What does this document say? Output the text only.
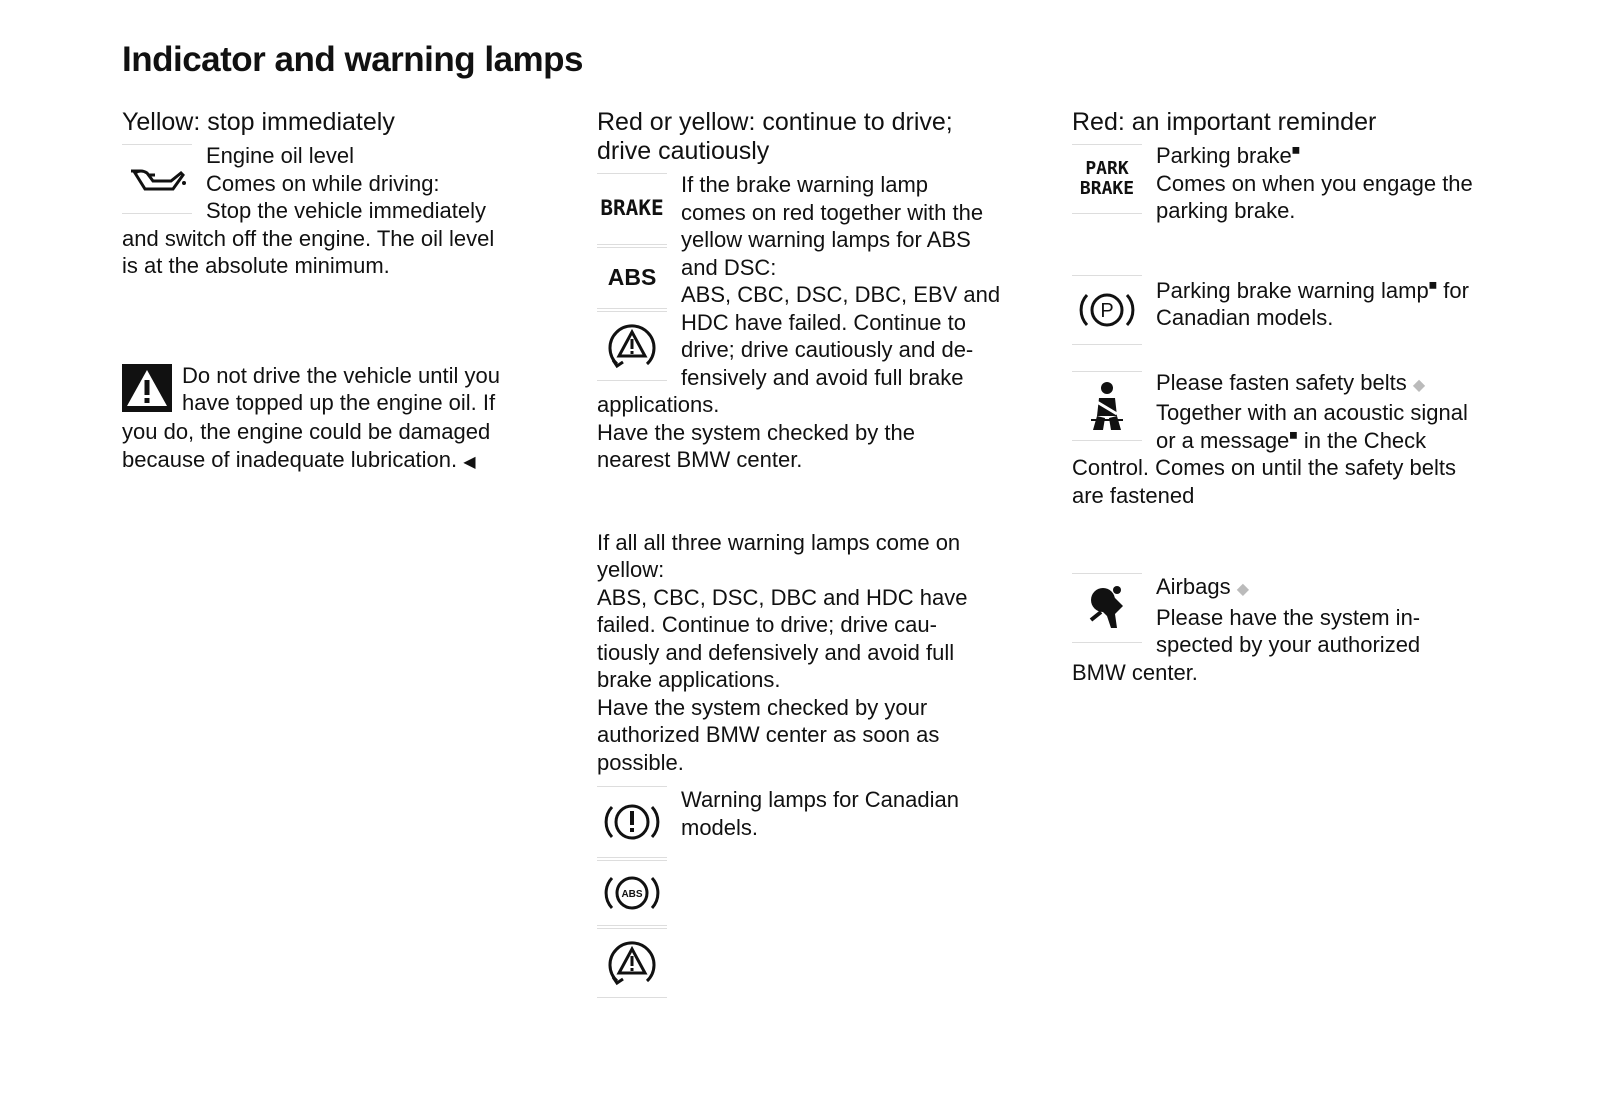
Indicator and warning lamps
Yellow: stop immediately
Engine oil level
Comes on while driving:
Stop the vehicle immediately
and switch off the engine. The oil level
is at the absolute minimum.
Do not drive the vehicle until you
have topped up the engine oil. If
you do, the engine could be damaged
because of inadequate lubrication. ◀
Red or yellow: continue to drive;
drive cautiously
BRAKE
ABS
If the brake warning lamp
comes on red together with the
yellow warning lamps for ABS
and DSC:
ABS, CBC, DSC, DBC, EBV and
HDC have failed. Continue to
drive; drive cautiously and de-
fensively and avoid full brake
applications.
Have the system checked by the
nearest BMW center.
If all all three warning lamps come on
yellow:
ABS, CBC, DSC, DBC and HDC have
failed. Continue to drive; drive cau-
tiously and defensively and avoid full
brake applications.
Have the system checked by your
authorized BMW center as soon as
possible.
ABS
Warning lamps for Canadian
models.
Red: an important reminder
PARK
BRAKE
Parking brake■
Comes on when you engage the
parking brake.
P
Parking brake warning lamp■ for
Canadian models.
Please fasten safety belts ◆
Together with an acoustic signal
or a message■ in the Check
Control. Comes on until the safety belts
are fastened
Airbags ◆
Please have the system in-
spected by your authorized
BMW center.
